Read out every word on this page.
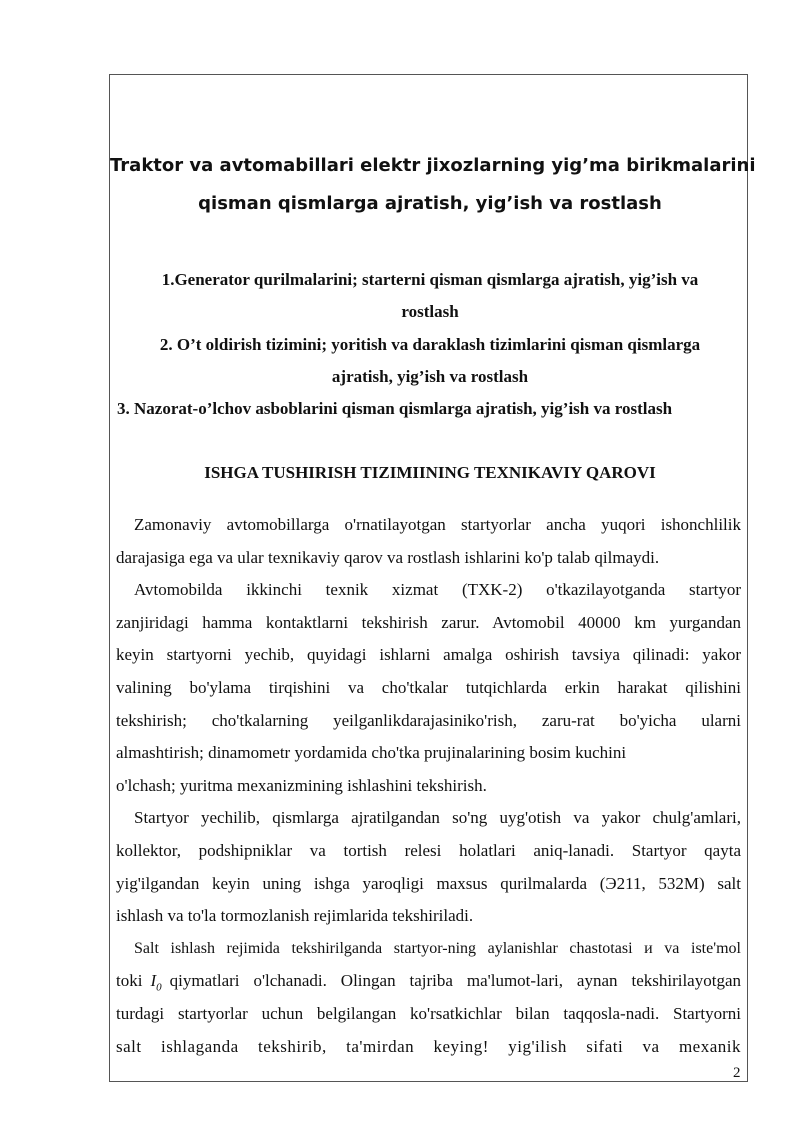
Traktor va avtomabillari elektr jixozlarning yig’ma birikmalarini

qisman qismlarga ajratish, yig’ish va rostlash

1.Generator qurilmalarini; starterni qisman qismlarga ajratish, yig’ish va

rostlash

2. O’t oldirish tizimini; yoritish va daraklash tizimlarini qisman qismlarga

ajratish, yig’ish va rostlash

3. Nazorat-o’lchov asboblarini qisman qismlarga ajratish, yig’ish va rostlash

ISHGA TUSHIRISH TIZIMIINING TEXNIKAVIY QAROVI

Zamonaviy avtomobillarga o'rnatilayotgan startyorlar ancha yuqori ishonchlilik
darajasiga ega va ular texnikaviy qarov va rostlash ishlarini ko'p talab qilmaydi.
Avtomobilda ikkinchi texnik xizmat (TXK-2) o'tkazilayotganda startyor
zanjiridagi hamma kontaktlarni tekshirish zarur. Avtomobil 40000 km yurgandan
keyin startyorni yechib, quyidagi ishlarni amalga oshirish tavsiya qilinadi: yakor
valining bo'ylama tirqishini va cho'tkalar tutqichlarda erkin harakat qilishini
tekshirish; cho'tkalarning yeilganlikdarajasiniko'rish, zaru-rat bo'yicha ularni
almashtirish; dinamometr yordamida cho'tka prujinalarining bosim kuchini
o'lchash; yuritma mexanizmining ishlashini tekshirish.
Startyor yechilib, qismlarga ajratilgandan so'ng uyg'otish va yakor chulg'amlari,
kollektor, podshipniklar va tortish relesi holatlari aniq-lanadi. Startyor qayta
yig'ilgandan keyin uning ishga yaroqligi maxsus qurilmalarda (Э211, 532M) salt
ishlash va to'la tormozlanish rejimlarida tekshiriladi.
Salt ishlash rejimida tekshirilganda startyor-ning aylanishlar chastotasi и va iste'mol
toki $I_0$ qiymatlari o'lchanadi. Olingan tajriba ma'lumot-lari, aynan tekshirilayotgan
turdagi startyorlar uchun belgilangan ko'rsatkichlar bilan taqqosla-nadi. Startyorni
salt ishlaganda tekshirib, ta'mirdan keying! yig'ilish sifati va mexanik
2
